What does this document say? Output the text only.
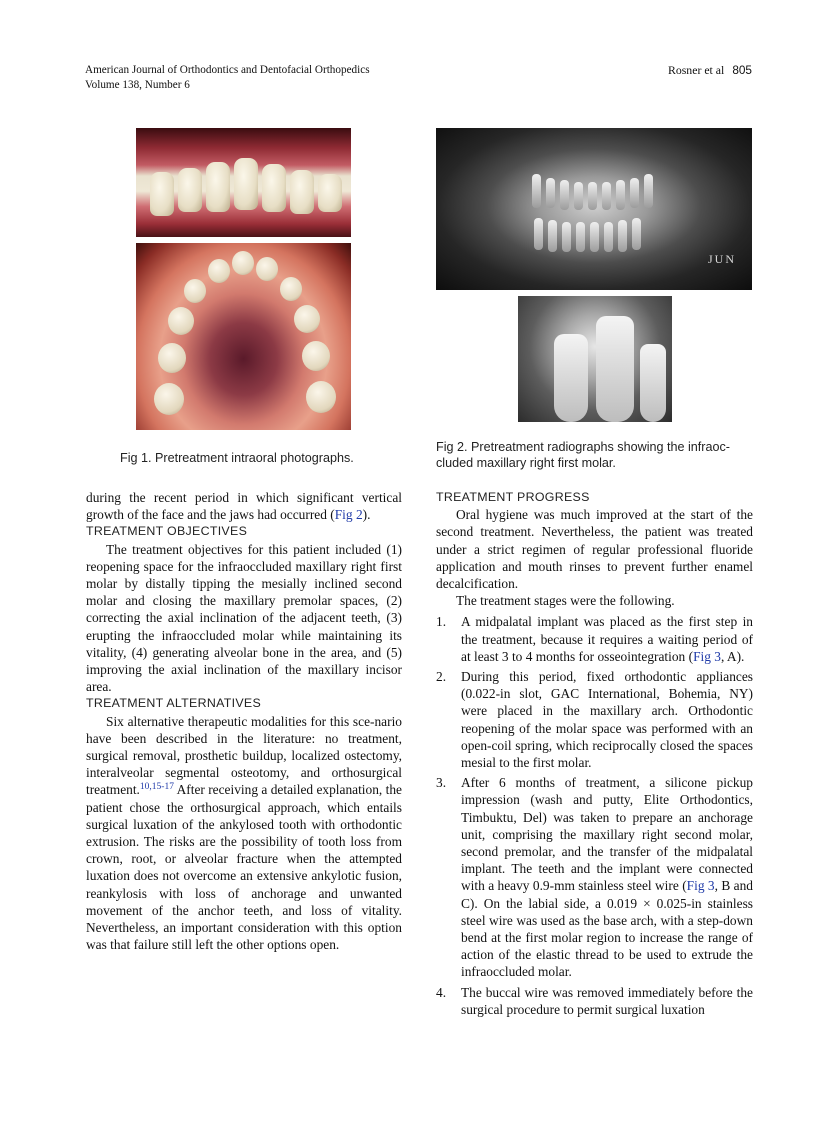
American Journal of Orthodontics and Dentofacial Orthopedics
Volume 138, Number 6
Rosner et al 805
Fig 1. Pretreatment intraoral photographs.
JUN
Fig 2. Pretreatment radiographs showing the infraoc-cluded maxillary right first molar.

during the recent period in which significant vertical growth of the face and the jaws had occurred (Fig 2).

TREATMENT OBJECTIVES

The treatment objectives for this patient included (1) reopening space for the infraoccluded maxillary right first molar by distally tipping the mesially inclined second molar and closing the maxillary premolar spaces, (2) correcting the axial inclination of the adjacent teeth, (3) erupting the infraoccluded molar while maintaining its vitality, (4) generating alveolar bone in the area, and (5) improving the axial inclination of the maxillary incisor area.

TREATMENT ALTERNATIVES

Six alternative therapeutic modalities for this sce-nario have been described in the literature: no treatment, surgical removal, prosthetic buildup, localized ostectomy, interalveolar segmental osteotomy, and orthosurgical treatment.$^{10,15-17}$ After receiving a detailed explanation, the patient chose the orthosurgical approach, which entails surgical luxation of the ankylosed tooth with orthodontic extrusion. The risks are the possibility of tooth loss from crown, root, or alveolar fracture when the attempted luxation does not overcome an extensive ankylotic fusion, reankylosis with loss of anchorage and unwanted movement of the anchor teeth, and loss of vitality. Nevertheless, an important consideration with this option was that failure still left the other options open.

TREATMENT PROGRESS

Oral hygiene was much improved at the start of the second treatment. Nevertheless, the patient was treated under a strict regimen of regular professional fluoride application and mouth rinses to prevent further enamel decalcification.

The treatment stages were the following.

1. A midpalatal implant was placed as the first step in the treatment, because it requires a waiting period of at least 3 to 4 months for osseointegration (Fig 3, A).
2. During this period, fixed orthodontic appliances (0.022-in slot, GAC International, Bohemia, NY) were placed in the maxillary arch. Orthodontic reopening of the molar space was performed with an open-coil spring, which reciprocally closed the spaces mesial to the first molar.
3. After 6 months of treatment, a silicone pickup impression (wash and putty, Elite Orthodontics, Timbuktu, Del) was taken to prepare an anchorage unit, comprising the maxillary right second molar, second premolar, and the transfer of the midpalatal implant. The teeth and the implant were connected with a heavy 0.9-mm stainless steel wire (Fig 3, B and C). On the labial side, a 0.019 × 0.025-in stainless steel wire was used as the base arch, with a step-down bend at the first molar region to increase the range of action of the elastic thread to be used to extrude the infraoccluded molar.
4. The buccal wire was removed immediately before the surgical procedure to permit surgical luxation
